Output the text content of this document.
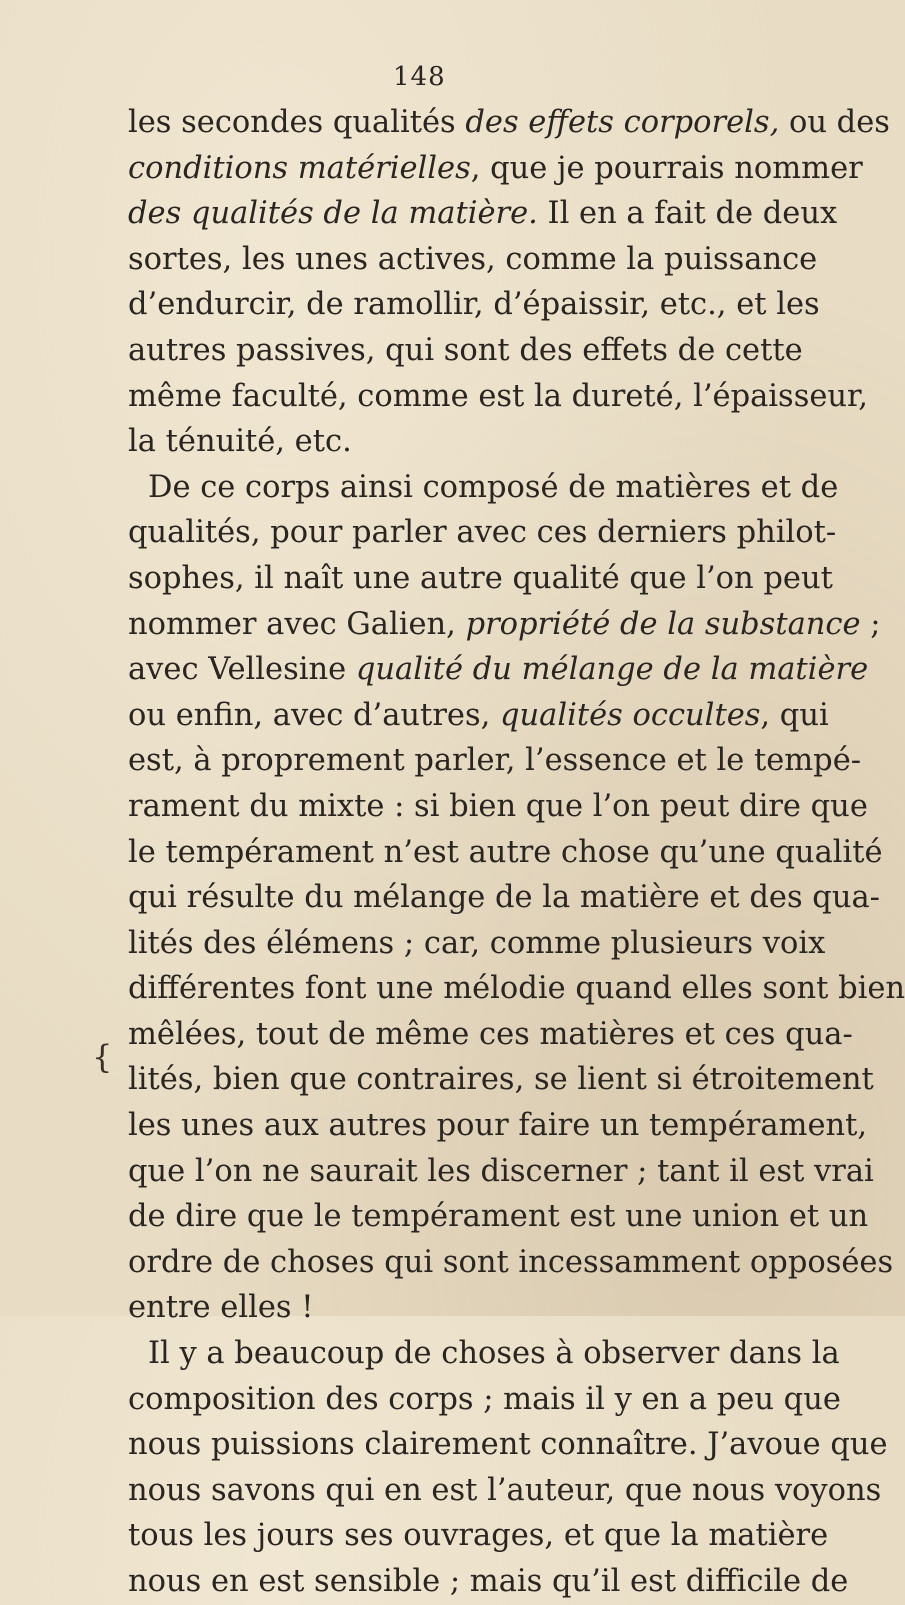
148
{
les secondes qualités des effets corporels, ou des
conditions matérielles, que je pourrais nommer
des qualités de la matière. Il en a fait de deux
sortes, les unes actives, comme la puissance
d’endurcir, de ramollir, d’épaissir, etc., et les
autres passives, qui sont des effets de cette
même faculté, comme est la dureté, l’épaisseur,
la ténuité, etc.
De ce corps ainsi composé de matières et de
qualités, pour parler avec ces derniers philot-
sophes, il naît une autre qualité que l’on peut
nommer avec Galien, propriété de la substance ;
avec Vellesine qualité du mélange de la matière
ou enfin, avec d’autres, qualités occultes, qui
est, à proprement parler, l’essence et le tempé-
rament du mixte : si bien que l’on peut dire que
le tempérament n’est autre chose qu’une qualité
qui résulte du mélange de la matière et des qua-
lités des élémens ; car, comme plusieurs voix
différentes font une mélodie quand elles sont bien
mêlées, tout de même ces matières et ces qua-
lités, bien que contraires, se lient si étroitement
les unes aux autres pour faire un tempérament,
que l’on ne saurait les discerner ; tant il est vrai
de dire que le tempérament est une union et un
ordre de choses qui sont incessamment opposées
entre elles !
Il y a beaucoup de choses à observer dans la
composition des corps ; mais il y en a peu que
nous puissions clairement connaître. J’avoue que
nous savons qui en est l’auteur, que nous voyons
tous les jours ses ouvrages, et que la matière
nous en est sensible ; mais qu’il est difficile de
